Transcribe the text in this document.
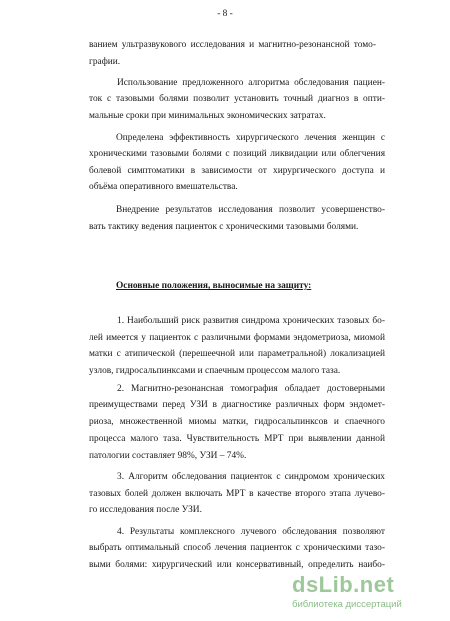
- 8 -
ванием ультразвукового исследования и магнитно-резонансной томо-
графии.
Использование предложенного алгоритма обследования пациен-
ток с тазовыми болями позволит установить точный диагноз в опти-
мальные сроки при минимальных экономических затратах.
Определена эффективность хирургического лечения женщин с
хроническими тазовыми болями с позиций ликвидации или облегчения
болевой симптоматики в зависимости от хирургического доступа и
объёма оперативного вмешательства.
Внедрение результатов исследования позволит усовершенство-
вать тактику ведения пациенток с хроническими тазовыми болями.
Основные положения, выносимые на защиту:
1. Наибольший риск развития синдрома хронических тазовых бо-
лей имеется у пациенток с различными формами эндометриоза, миомой
матки с атипической (перешеечной или параметральной) локализацией
узлов, гидросальпинксами и спаечным процессом малого таза.
2. Магнитно-резонансная томография обладает достоверными
преимуществами перед УЗИ в диагностике различных форм эндомет-
риоза, множественной миомы матки, гидросальпинксов и спаечного
процесса малого таза. Чувствительность МРТ при выявлении данной
патологии составляет 98%, УЗИ – 74%.
3. Алгоритм обследования пациенток с синдромом хронических
тазовых болей должен включать МРТ в качестве второго этапа лучево-
го исследования после УЗИ.
4. Результаты комплексного лучевого обследования позволяют
выбрать оптимальный способ лечения пациенток с хроническими тазо-
выми болями: хирургический или консервативный, определить наибо-
dsLib.net
библиотека диссертаций
